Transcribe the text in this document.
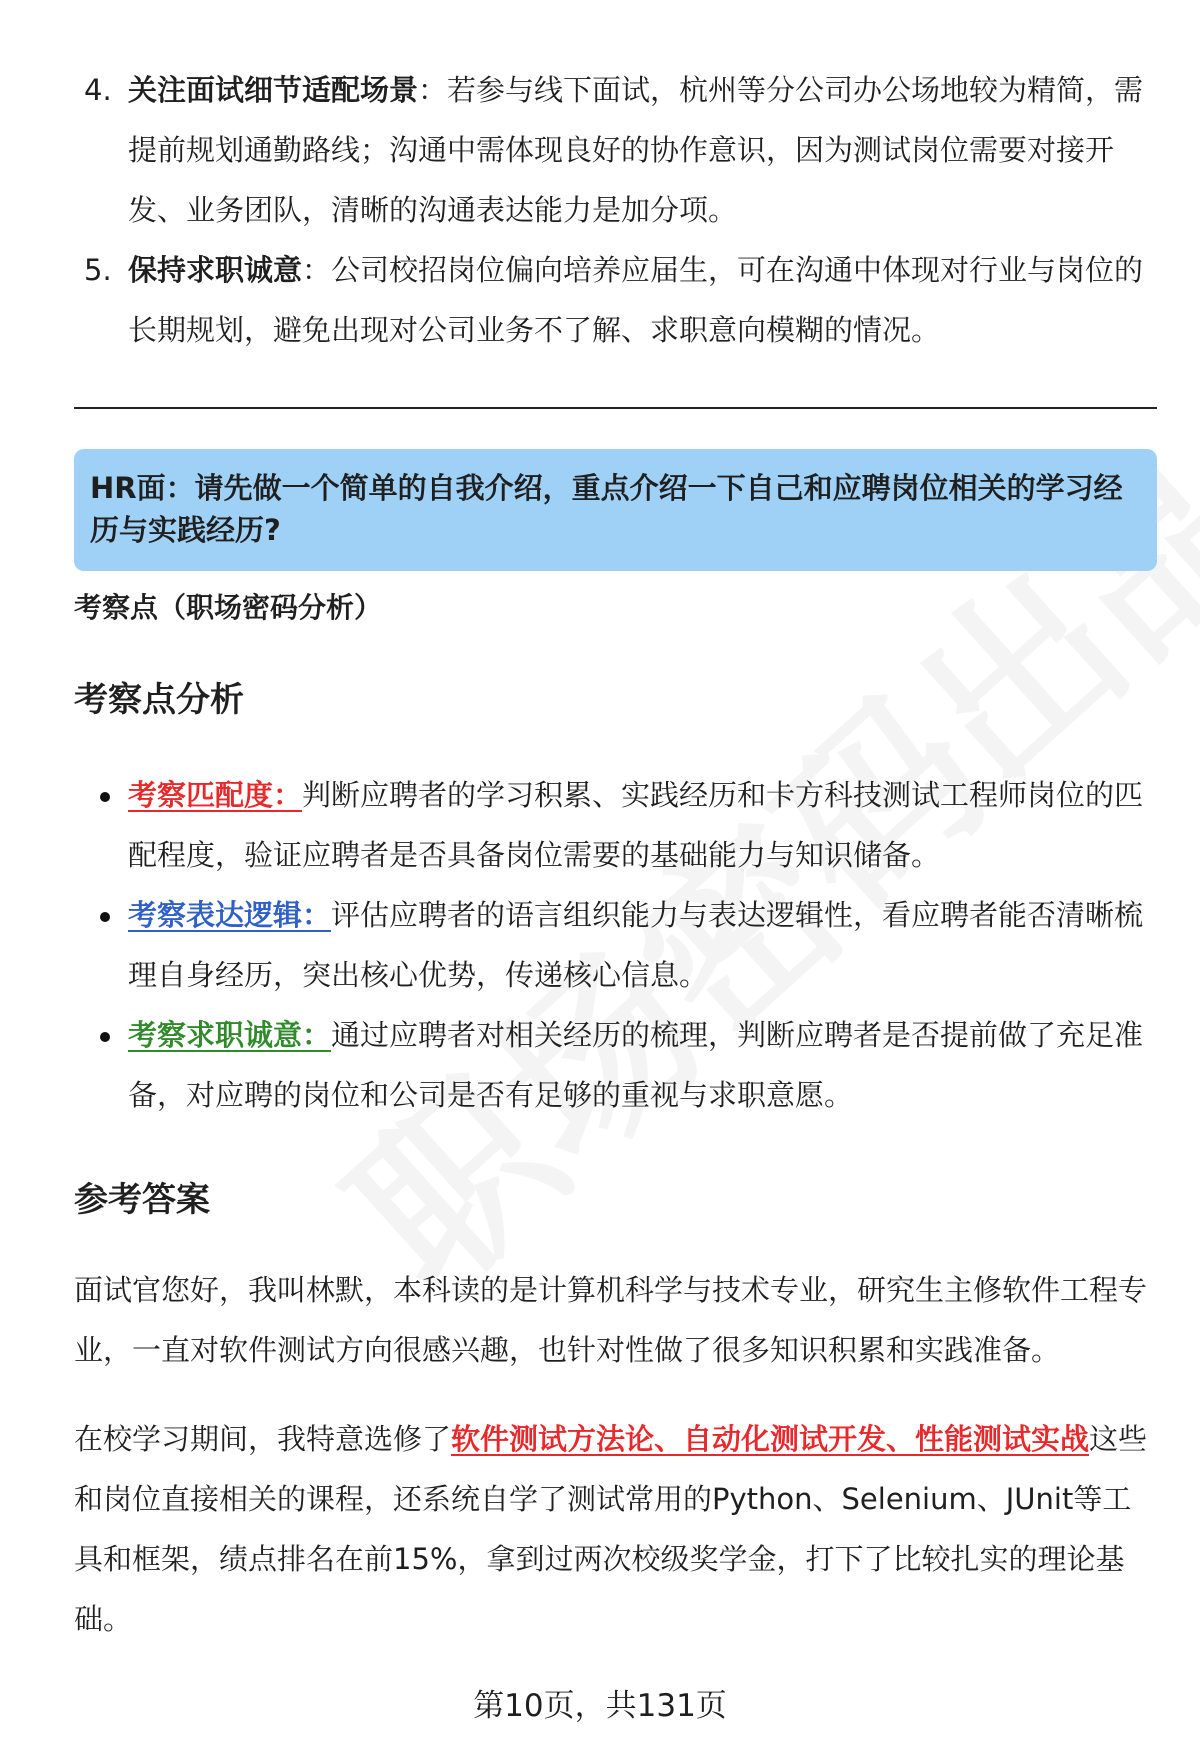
4. 关注面试细节适配场景：若参与线下面试，杭州等分公司办公场地较为精简，需提前规划通勤路线；沟通中需体现良好的协作意识，因为测试岗位需要对接开发、业务团队，清晰的沟通表达能力是加分项。
5. 保持求职诚意：公司校招岗位偏向培养应届生，可在沟通中体现对行业与岗位的长期规划，避免出现对公司业务不了解、求职意向模糊的情况。
HR面：请先做一个简单的自我介绍，重点介绍一下自己和应聘岗位相关的学习经历与实践经历?
考察点（职场密码分析）
考察点分析
考察匹配度：判断应聘者的学习积累、实践经历和卡方科技测试工程师岗位的匹配程度，验证应聘者是否具备岗位需要的基础能力与知识储备。
考察表达逻辑：评估应聘者的语言组织能力与表达逻辑性，看应聘者能否清晰梳理自身经历，突出核心优势，传递核心信息。
考察求职诚意：通过应聘者对相关经历的梳理，判断应聘者是否提前做了充足准备，对应聘的岗位和公司是否有足够的重视与求职意愿。
参考答案

面试官您好，我叫林默，本科读的是计算机科学与技术专业，研究生主修软件工程专业，一直对软件测试方向很感兴趣，也针对性做了很多知识积累和实践准备。

在校学习期间，我特意选修了软件测试方法论、自动化测试开发、性能测试实战这些和岗位直接相关的课程，还系统自学了测试常用的Python、Selenium、JUnit等工具和框架，绩点排名在前15%，拿到过两次校级奖学金，打下了比较扎实的理论基础。

第10页，共131页
